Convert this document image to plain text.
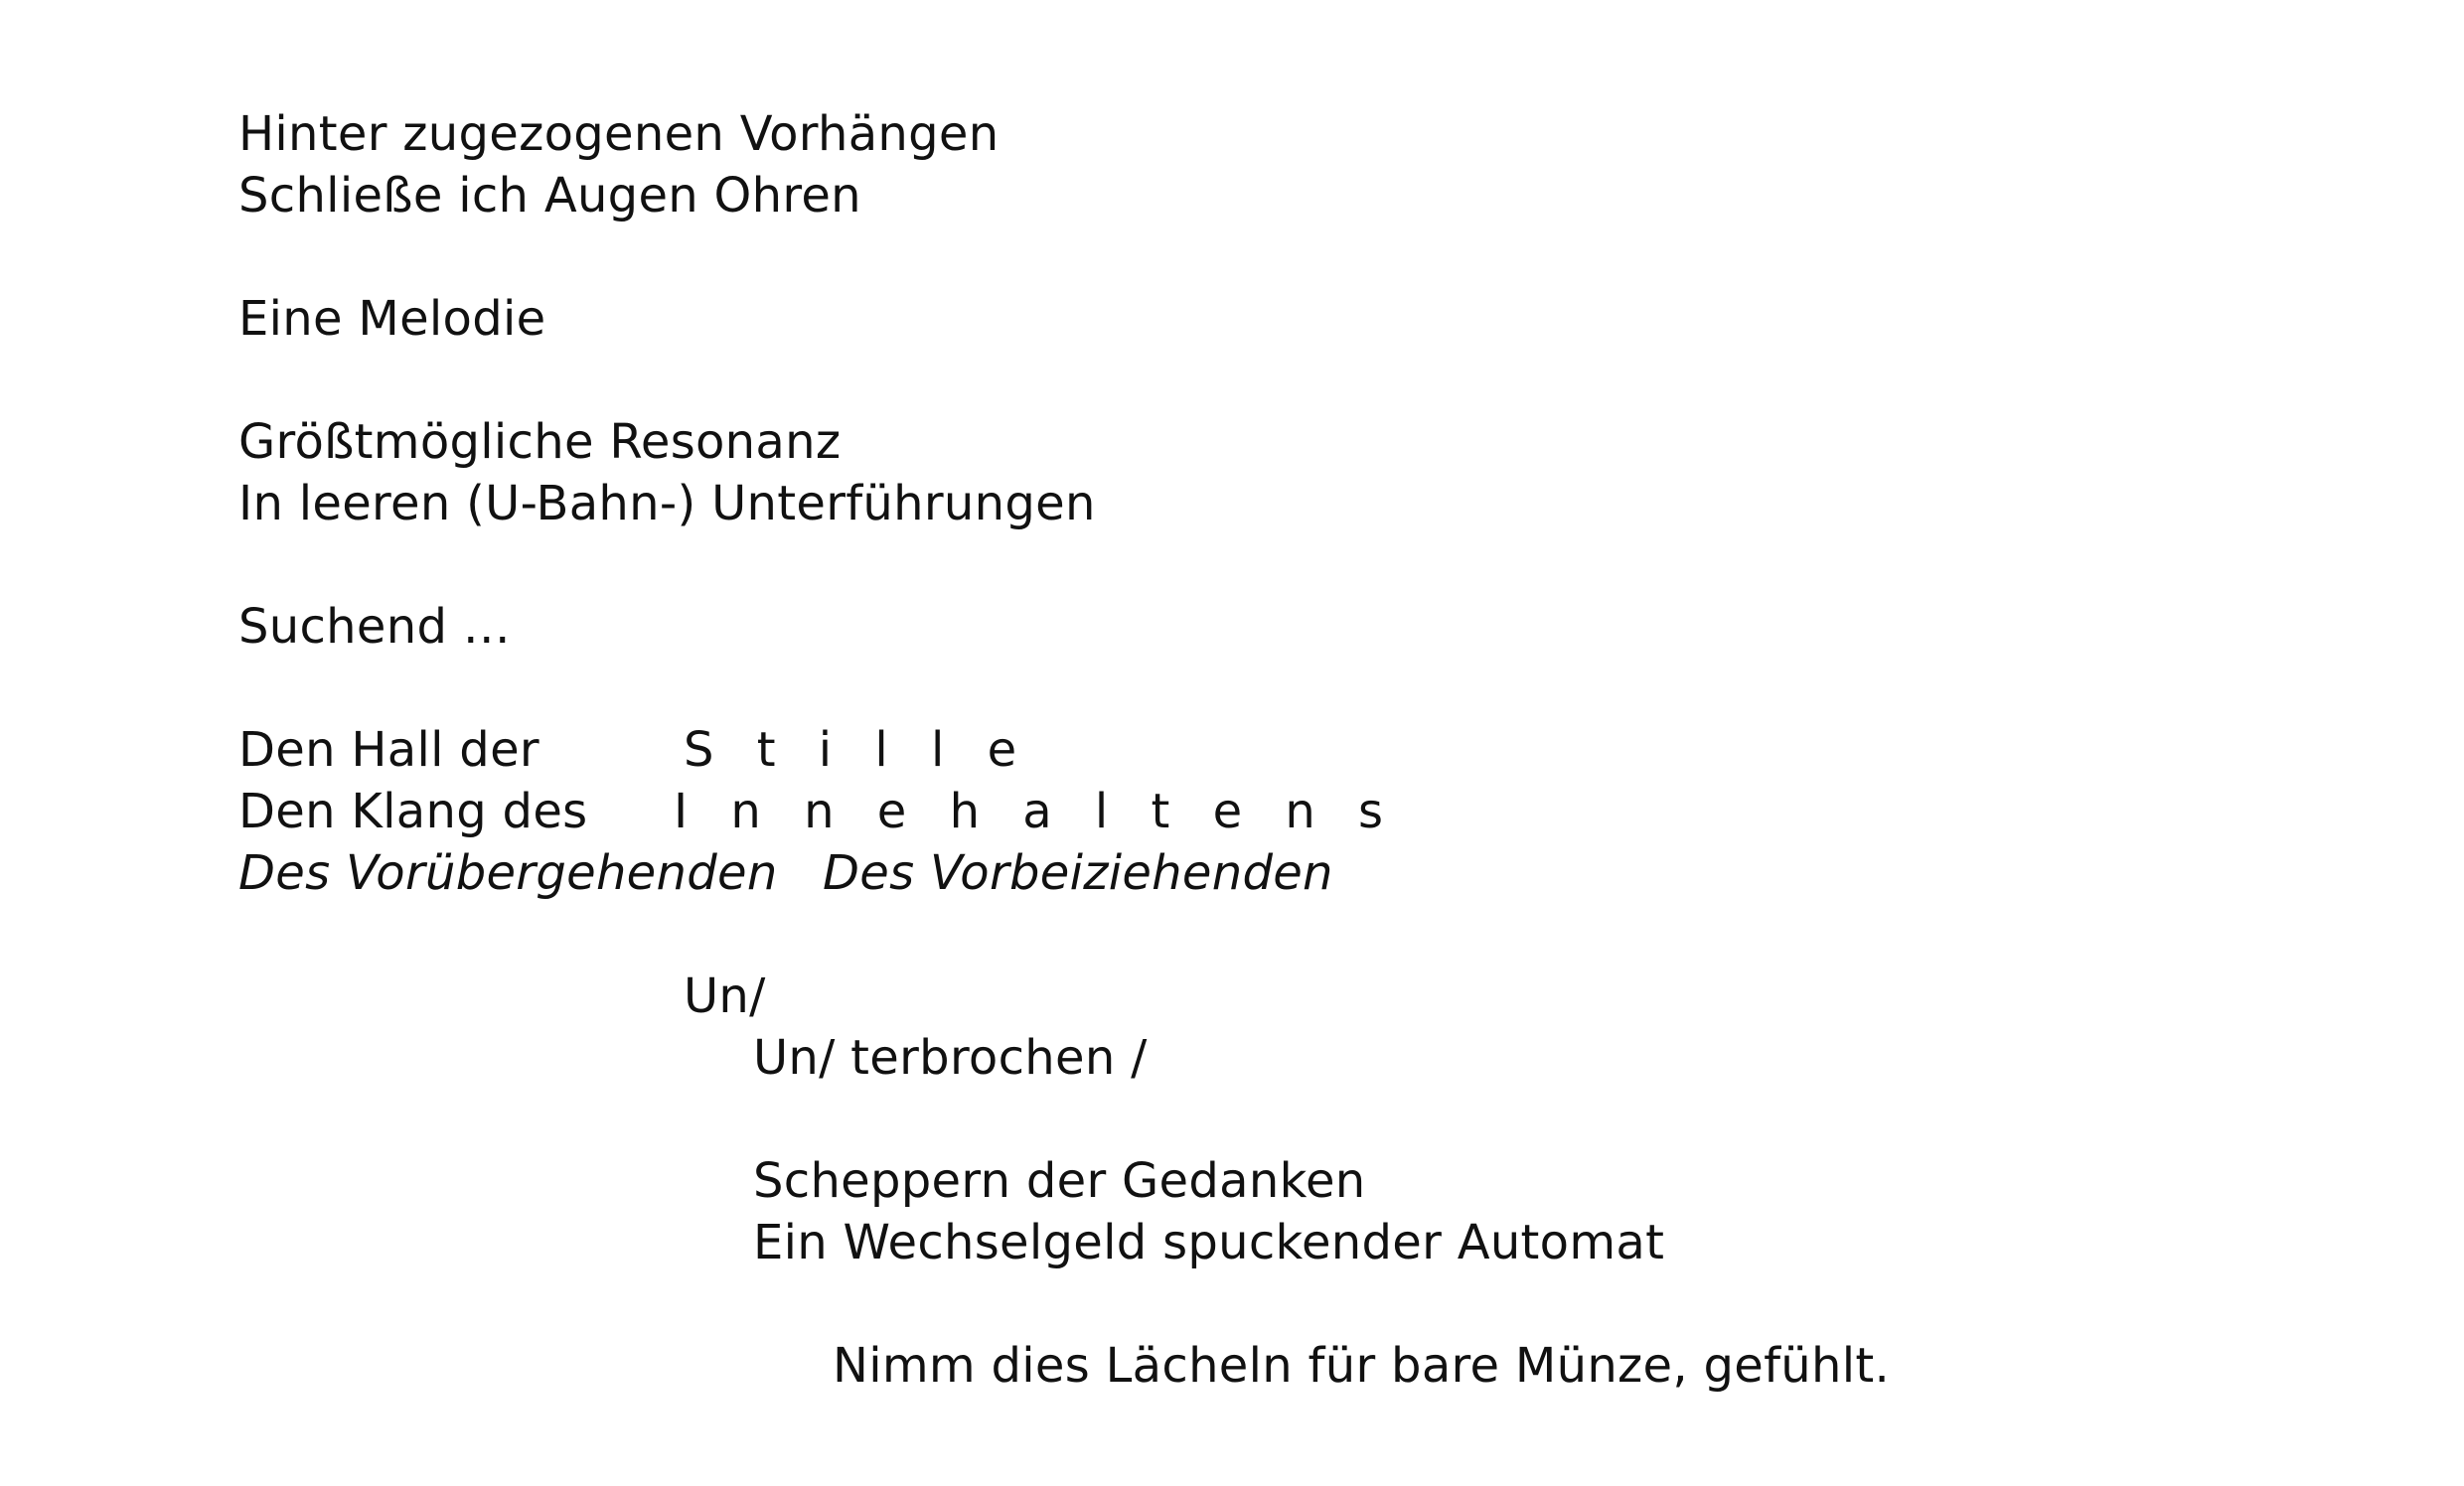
Hinter zugezogenen Vorhängen
Schließe ich Augen Ohren
Eine Melodie
Größtmögliche Resonanz
In leeren (U-Bahn-) Unterführungen
Suchend …
Den Hall der	S t i l l e
Den Klang des I n n e h a l t e n s
Des Vorübergehenden Des Vorbeiziehenden
Un/
Un/ terbrochen /
Scheppern der Gedanken
Ein Wechselgeld spuckender Automat
Nimm dies Lächeln für bare Münze, gefühlt.
